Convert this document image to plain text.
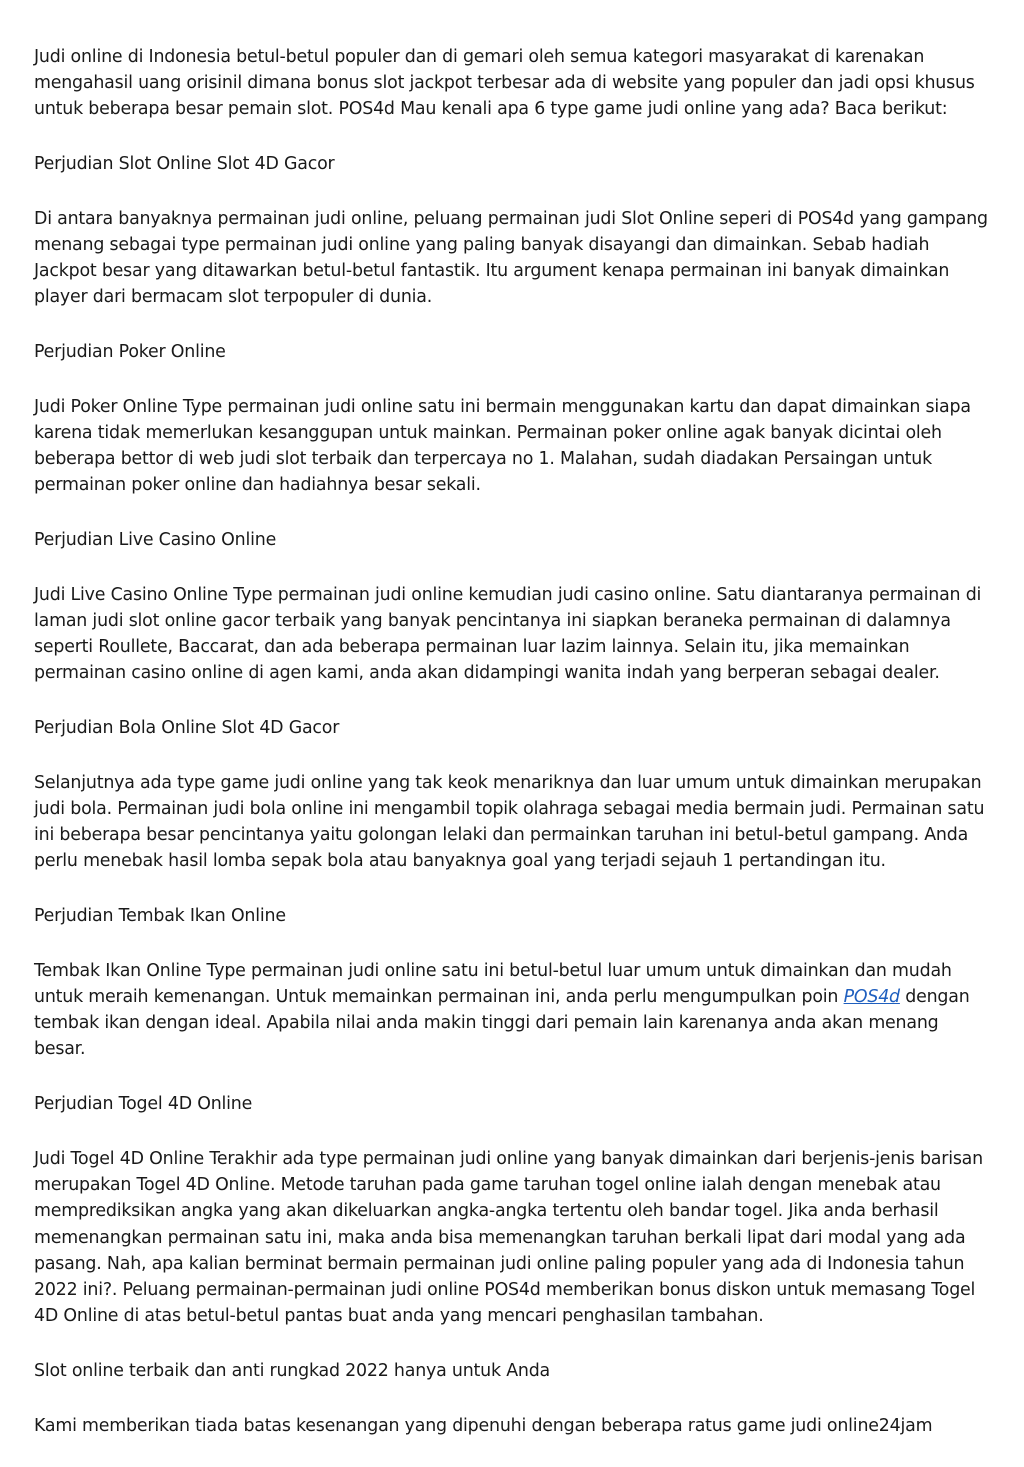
Judi online di Indonesia betul-betul populer dan di gemari oleh semua kategori masyarakat di karenakan mengahasil uang orisinil dimana bonus slot jackpot terbesar ada di website yang populer dan jadi opsi khusus untuk beberapa besar pemain slot. POS4d Mau kenali apa 6 type game judi online yang ada? Baca berikut:

Perjudian Slot Online Slot 4D Gacor

Di antara banyaknya permainan judi online, peluang permainan judi Slot Online seperi di POS4d yang gampang menang sebagai type permainan judi online yang paling banyak disayangi dan dimainkan. Sebab hadiah Jackpot besar yang ditawarkan betul-betul fantastik. Itu argument kenapa permainan ini banyak dimainkan player dari bermacam slot terpopuler di dunia.

Perjudian Poker Online

Judi Poker Online Type permainan judi online satu ini bermain menggunakan kartu dan dapat dimainkan siapa karena tidak memerlukan kesanggupan untuk mainkan. Permainan poker online agak banyak dicintai oleh beberapa bettor di web judi slot terbaik dan terpercaya no 1. Malahan, sudah diadakan Persaingan untuk permainan poker online dan hadiahnya besar sekali.

Perjudian Live Casino Online

Judi Live Casino Online Type permainan judi online kemudian judi casino online. Satu diantaranya permainan di laman judi slot online gacor terbaik yang banyak pencintanya ini siapkan beraneka permainan di dalamnya seperti Roullete, Baccarat, dan ada beberapa permainan luar lazim lainnya. Selain itu, jika memainkan permainan casino online di agen kami, anda akan didampingi wanita indah yang berperan sebagai dealer.

Perjudian Bola Online Slot 4D Gacor

Selanjutnya ada type game judi online yang tak keok menariknya dan luar umum untuk dimainkan merupakan judi bola. Permainan judi bola online ini mengambil topik olahraga sebagai media bermain judi. Permainan satu ini beberapa besar pencintanya yaitu golongan lelaki dan permainkan taruhan ini betul-betul gampang. Anda perlu menebak hasil lomba sepak bola atau banyaknya goal yang terjadi sejauh 1 pertandingan itu.

Perjudian Tembak Ikan Online

Tembak Ikan Online Type permainan judi online satu ini betul-betul luar umum untuk dimainkan dan mudah untuk meraih kemenangan. Untuk memainkan permainan ini, anda perlu mengumpulkan poin POS4d dengan tembak ikan dengan ideal. Apabila nilai anda makin tinggi dari pemain lain karenanya anda akan menang besar.

Perjudian Togel 4D Online

Judi Togel 4D Online Terakhir ada type permainan judi online yang banyak dimainkan dari berjenis-jenis barisan merupakan Togel 4D Online. Metode taruhan pada game taruhan togel online ialah dengan menebak atau memprediksikan angka yang akan dikeluarkan angka-angka tertentu oleh bandar togel. Jika anda berhasil memenangkan permainan satu ini, maka anda bisa memenangkan taruhan berkali lipat dari modal yang ada pasang. Nah, apa kalian berminat bermain permainan judi online paling populer yang ada di Indonesia tahun 2022 ini?. Peluang permainan-permainan judi online POS4d memberikan bonus diskon untuk memasang Togel 4D Online di atas betul-betul pantas buat anda yang mencari penghasilan tambahan.

Slot online terbaik dan anti rungkad 2022 hanya untuk Anda

Kami memberikan tiada batas kesenangan yang dipenuhi dengan beberapa ratus game judi online24jam
